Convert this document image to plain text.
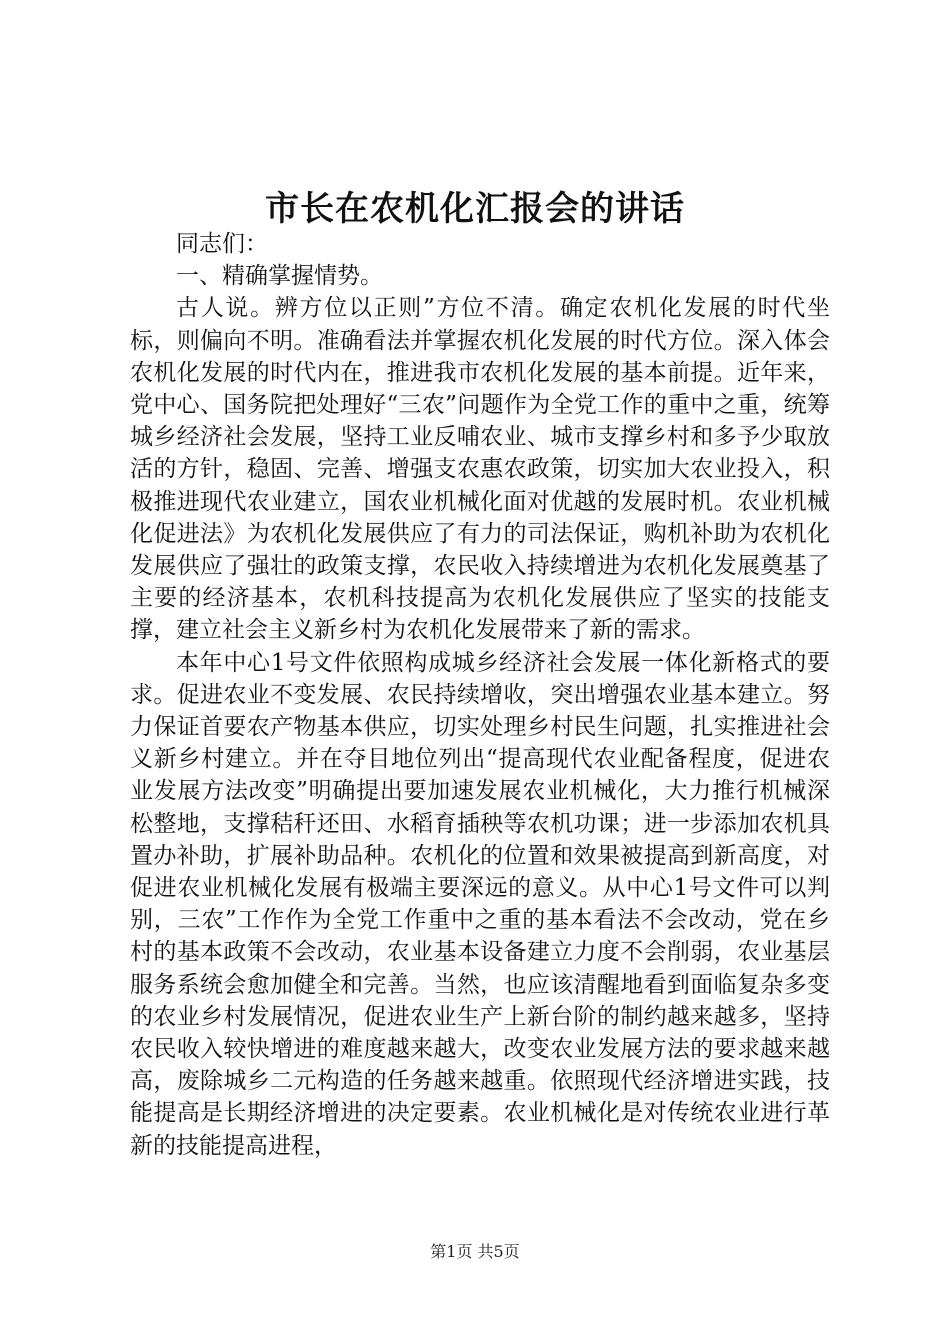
市长在农机化汇报会的讲话

同志们：

一、精确掌握情势。

古人说。辨方位以正则”方位不清。确定农机化发展的时代坐标，则偏向不明。准确看法并掌握农机化发展的时代方位。深入体会农机化发展的时代内在，推进我市农机化发展的基本前提。近年来，党中心、国务院把处理好“三农”问题作为全党工作的重中之重，统筹城乡经济社会发展，坚持工业反哺农业、城市支撑乡村和多予少取放活的方针，稳固、完善、增强支农惠农政策，切实加大农业投入，积极推进现代农业建立，国农业机械化面对优越的发展时机。农业机械化促进法》为农机化发展供应了有力的司法保证，购机补助为农机化发展供应了强壮的政策支撑，农民收入持续增进为农机化发展奠基了主要的经济基本，农机科技提高为农机化发展供应了坚实的技能支撑，建立社会主义新乡村为农机化发展带来了新的需求。

本年中心1号文件依照构成城乡经济社会发展一体化新格式的要求。促进农业不变发展、农民持续增收，突出增强农业基本建立。努力保证首要农产物基本供应，切实处理乡村民生问题，扎实推进社会义新乡村建立。并在夺目地位列出“提高现代农业配备程度，促进农业发展方法改变”明确提出要加速发展农业机械化，大力推行机械深松整地，支撑秸秆还田、水稻育插秧等农机功课；进一步添加农机具置办补助，扩展补助品种。农机化的位置和效果被提高到新高度，对促进农业机械化发展有极端主要深远的意义。从中心1号文件可以判别，三农”工作作为全党工作重中之重的基本看法不会改动，党在乡村的基本政策不会改动，农业基本设备建立力度不会削弱，农业基层服务系统会愈加健全和完善。当然，也应该清醒地看到面临复杂多变的农业乡村发展情况，促进农业生产上新台阶的制约越来越多，坚持农民收入较快增进的难度越来越大，改变农业发展方法的要求越来越高，废除城乡二元构造的任务越来越重。依照现代经济增进实践，技能提高是长期经济增进的决定要素。农业机械化是对传统农业进行革新的技能提高进程，

第1页 共5页
